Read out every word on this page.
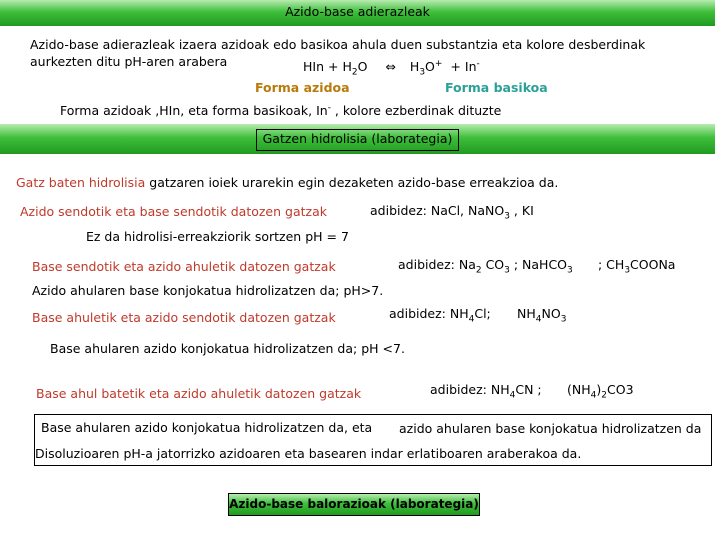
Azido-base adierazleak
Azido-base adierazleak izaera azidoak edo basikoa ahula duen substantzia eta kolore desberdinak
aurkezten ditu pH-aren arabera	HIn + $H_2O$ ⇔ $H_3O^+ + In^-$
Forma azidoa	Forma basikoa
Forma azidoak ,HIn, eta forma basikoak, In- , kolore ezberdinak dituzte
Gatzen hidrolisia (laborategia)
Gatz baten hidrolisia gatzaren ioiek urarekin egin dezaketen azido-base erreakzioa da.
Azido sendotik eta base sendotik datozen gatzak	adibidez: NaCl, NaNO$_3$ , KI
Ez da hidrolisi-erreakziorik sortzen pH = 7
Base sendotik eta azido ahuletik datozen gatzak	adibidez: $Na_2$ $CO_3$ ; NaHCO$_3$ ; $CH_3COONa$
Azido ahularen base konjokatua hidrolizatzen da; pH>7.
Base ahuletik eta azido sendotik datozen gatzak	adibidez: $NH_4Cl$; $NH_4NO_3$
Base ahularen azido konjokatua hidrolizatzen da; pH <7.
Base ahul batetik eta azido ahuletik datozen gatzak	adibidez: $NH_4CN$ ; $(NH_4)_2CO3$
Base ahularen azido konjokatua hidrolizatzen da, eta azido ahularen base konjokatua hidrolizatzen da
Disoluzioaren pH-a jatorrizko azidoaren eta basearen indar erlatiboaren araberakoa da.
Azido-base balorazioak (laborategia)
